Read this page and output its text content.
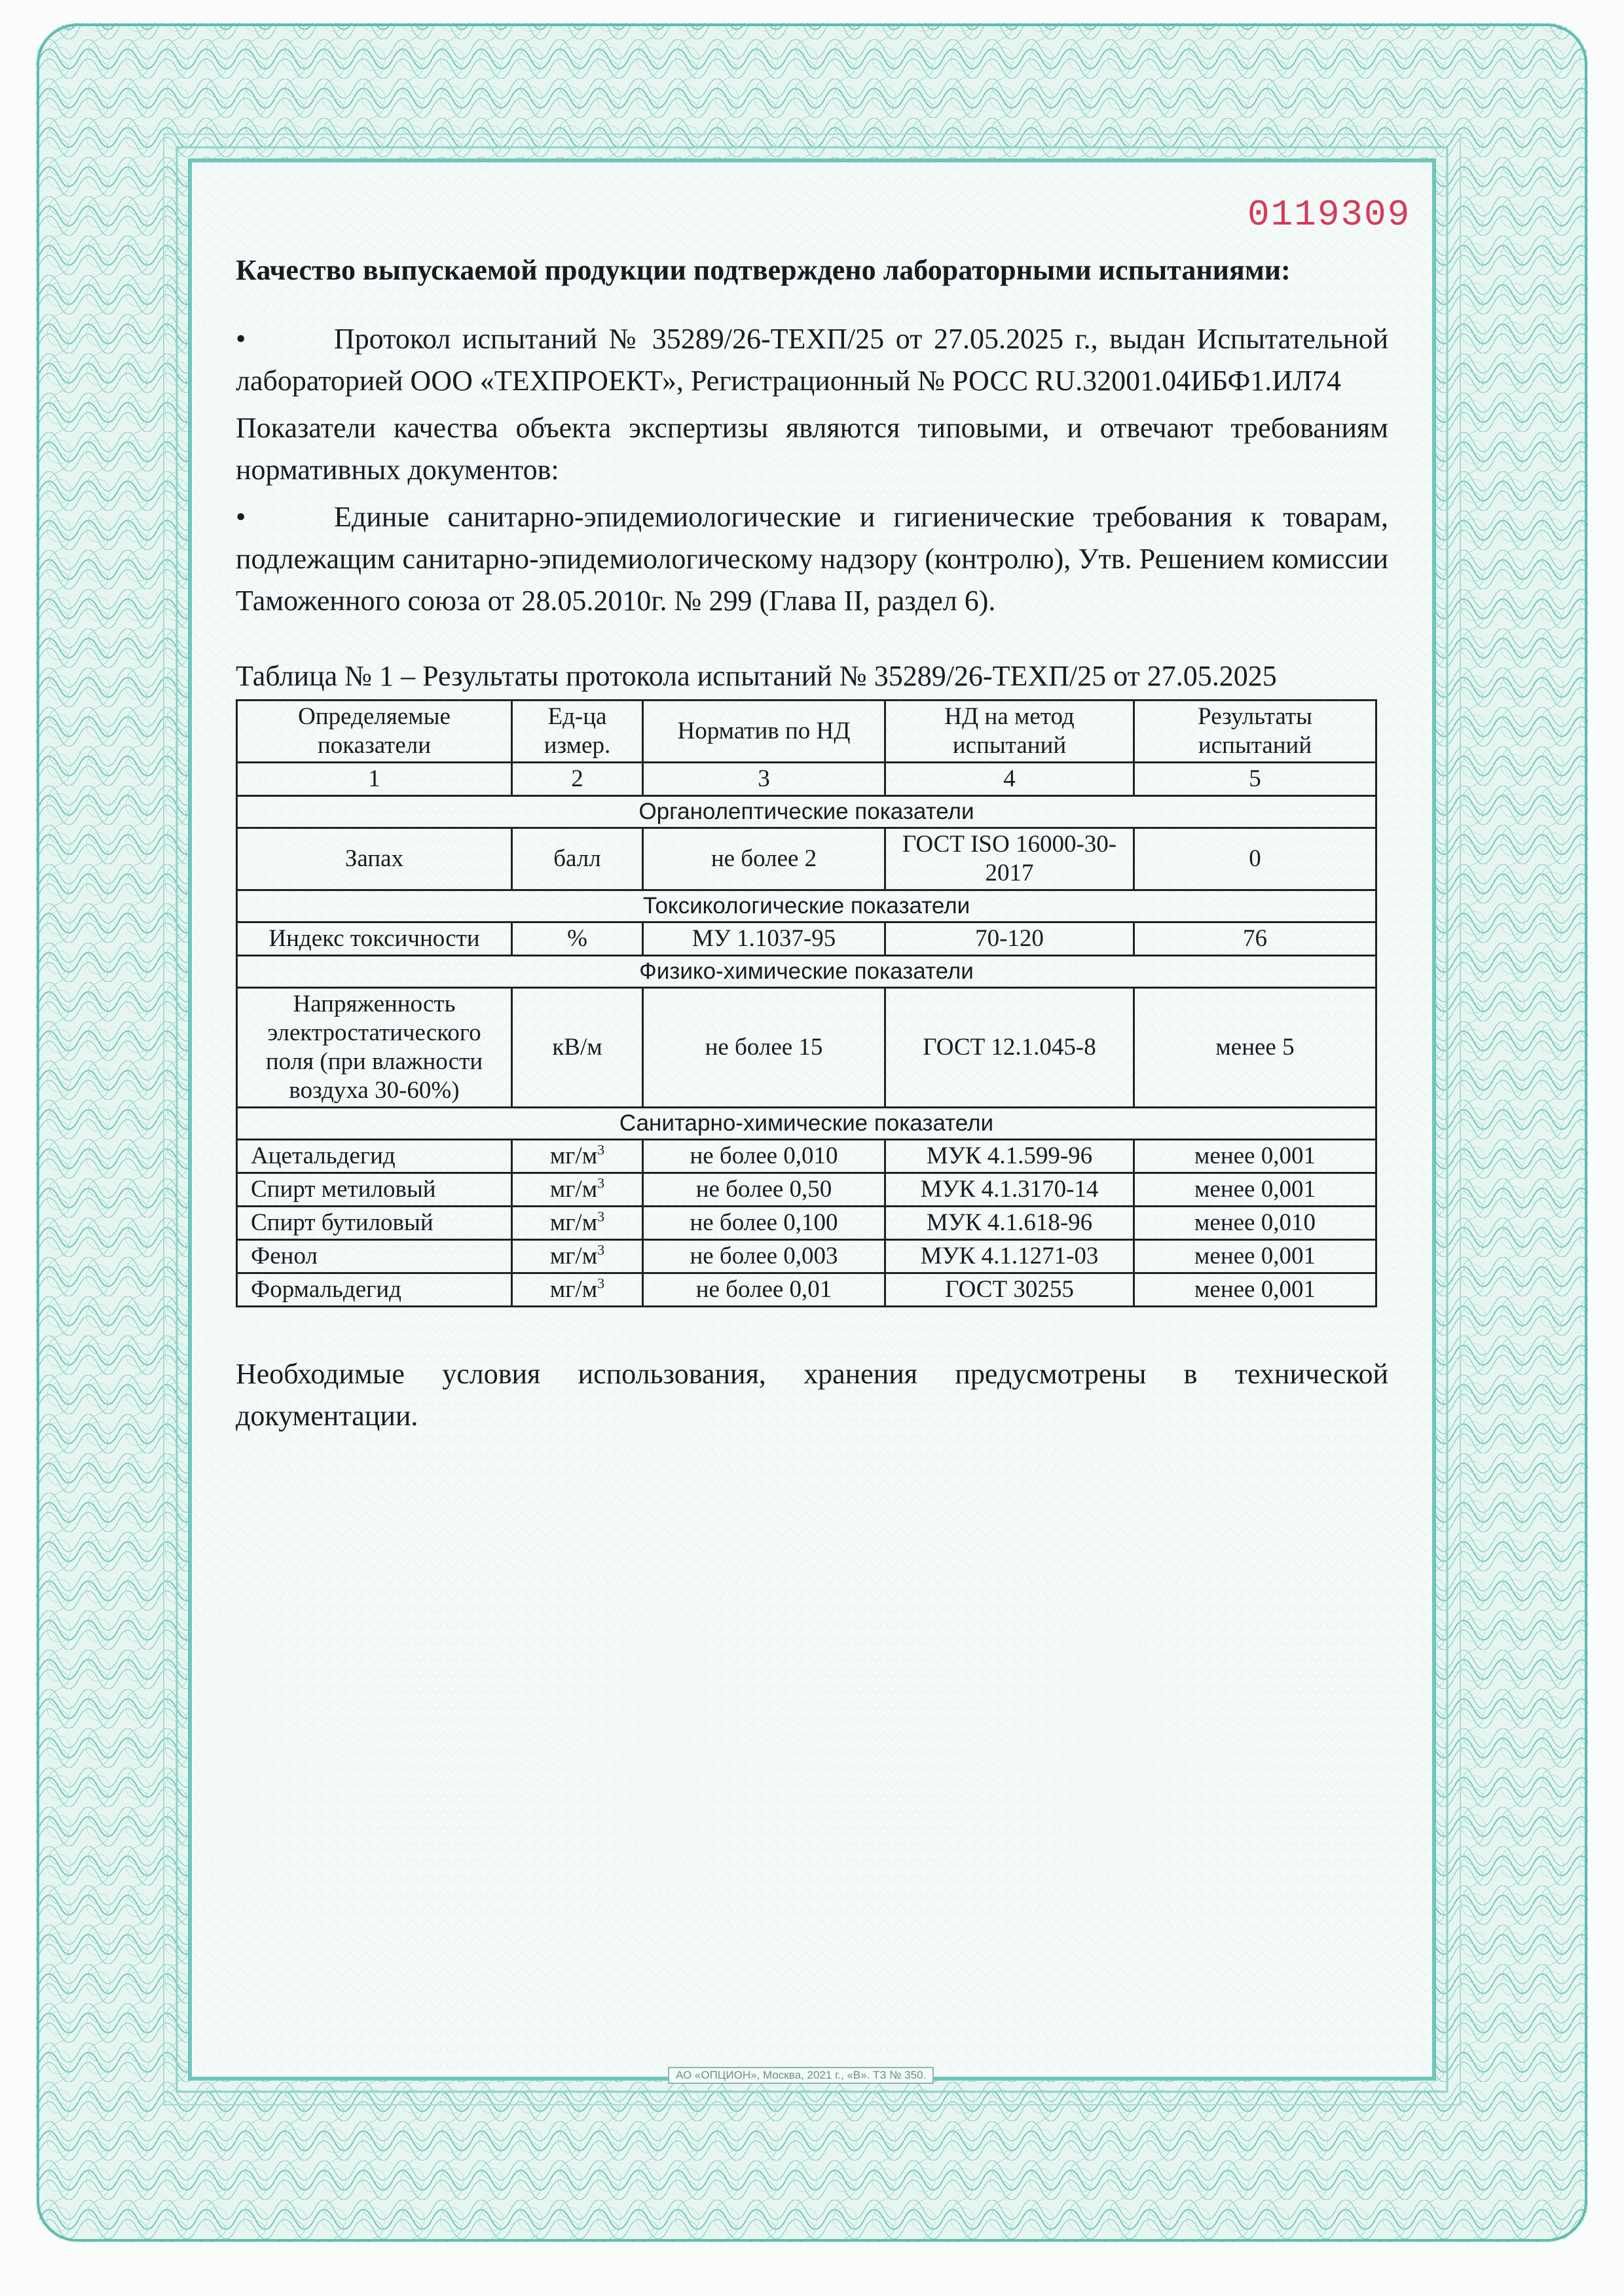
0119309

Качество выпускаемой продукции подтверждено лабораторными испытаниями:

•	Протокол испытаний № 35289/26-ТЕХП/25 от 27.05.2025 г., выдан Испытательной лабораторией ООО «ТЕХПРОЕКТ», Регистрационный № РОСС RU.32001.04ИБФ1.ИЛ74

Показатели качества объекта экспертизы являются типовыми, и отвечают требованиям нормативных документов:

•	Единые санитарно-эпидемиологические и гигиенические требования к товарам, подлежащим санитарно-эпидемиологическому надзору (контролю), Утв. Решением комиссии Таможенного союза от 28.05.2010г. № 299 (Глава II, раздел 6).

Таблица № 1 – Результаты протокола испытаний № 35289/26-ТЕХП/25 от 27.05.2025

Определяемые показатели	Ед-ца измер.	Норматив по НД	НД на метод испытаний	Результаты испытаний
1	2	3	4	5
Органолептические показатели				
Запах	балл	не более 2	ГОСТ ISO 16000-30-2017	0
Токсикологические показатели				
Индекс токсичности	%	МУ 1.1037-95	70-120	76
Физико-химические показатели				
Напряженность электростатического поля (при влажности воздуха 30-60%)	кВ/м	не более 15	ГОСТ 12.1.045-8	менее 5
Санитарно-химические показатели				
Ацетальдегид	$мг/м^3$	не более 0,010	МУК 4.1.599-96	менее 0,001
Спирт метиловый	$мг/м^3$	не более 0,50	МУК 4.1.3170-14	менее 0,001
Спирт бутиловый	$мг/м^3$	не более 0,100	МУК 4.1.618-96	менее 0,010
Фенол	$мг/м^3$	не более 0,003	МУК 4.1.1271-03	менее 0,001
Формальдегид	$мг/м^3$	не более 0,01	ГОСТ 30255	менее 0,001

Необходимые условия использования, хранения предусмотрены в технической документации.

АО «ОПЦИОН», Москва, 2021 г., «В». ТЗ № 350.
